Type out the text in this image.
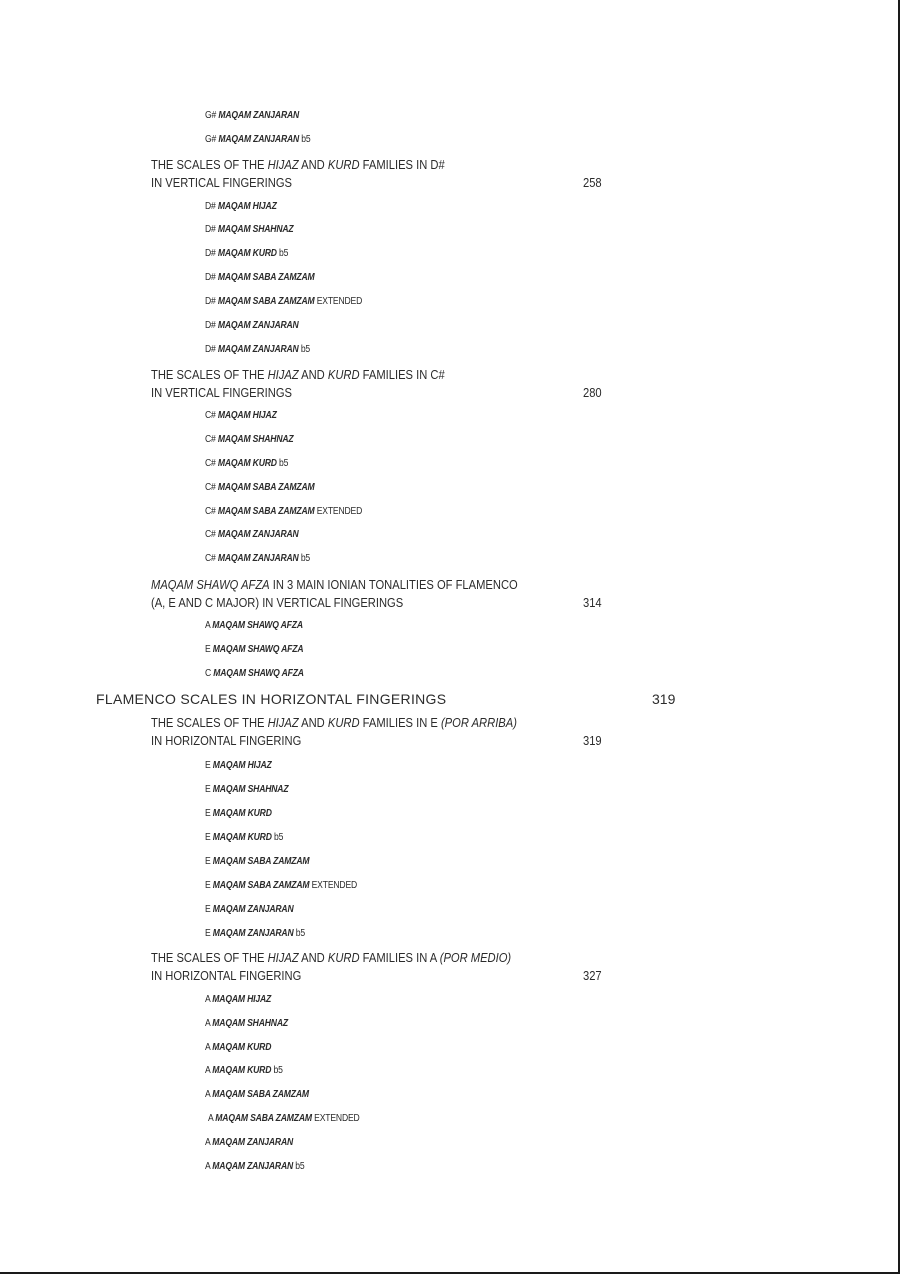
G# MAQAM ZANJARAN
G# MAQAM ZANJARAN b5
THE SCALES OF THE HIJAZ AND KURD FAMILIES IN D#
IN VERTICAL FINGERINGS	258
D# MAQAM HIJAZ
D# MAQAM SHAHNAZ
D# MAQAM KURD b5
D# MAQAM SABA ZAMZAM
D# MAQAM SABA ZAMZAM EXTENDED
D# MAQAM ZANJARAN
D# MAQAM ZANJARAN b5
THE SCALES OF THE HIJAZ AND KURD FAMILIES IN C#
IN VERTICAL FINGERINGS	280
C# MAQAM HIJAZ
C# MAQAM SHAHNAZ
C# MAQAM KURD b5
C# MAQAM SABA ZAMZAM
C# MAQAM SABA ZAMZAM EXTENDED
C# MAQAM ZANJARAN
C# MAQAM ZANJARAN b5
MAQAM SHAWQ AFZA IN 3 MAIN IONIAN TONALITIES OF FLAMENCO
(A, E AND C MAJOR) IN VERTICAL FINGERINGS	314
A MAQAM SHAWQ AFZA
E MAQAM SHAWQ AFZA
C MAQAM SHAWQ AFZA
FLAMENCO SCALES IN HORIZONTAL FINGERINGS	319
THE SCALES OF THE HIJAZ AND KURD FAMILIES IN E (POR ARRIBA)
IN HORIZONTAL FINGERING	319
E MAQAM HIJAZ
E MAQAM SHAHNAZ
E MAQAM KURD
E MAQAM KURD b5
E MAQAM SABA ZAMZAM
E MAQAM SABA ZAMZAM EXTENDED
E MAQAM ZANJARAN
E MAQAM ZANJARAN b5
THE SCALES OF THE HIJAZ AND KURD FAMILIES IN A (POR MEDIO)
IN HORIZONTAL FINGERING	327
A MAQAM HIJAZ
A MAQAM SHAHNAZ
A MAQAM KURD
A MAQAM KURD b5
A MAQAM SABA ZAMZAM
A MAQAM SABA ZAMZAM EXTENDED
A MAQAM ZANJARAN
A MAQAM ZANJARAN b5
